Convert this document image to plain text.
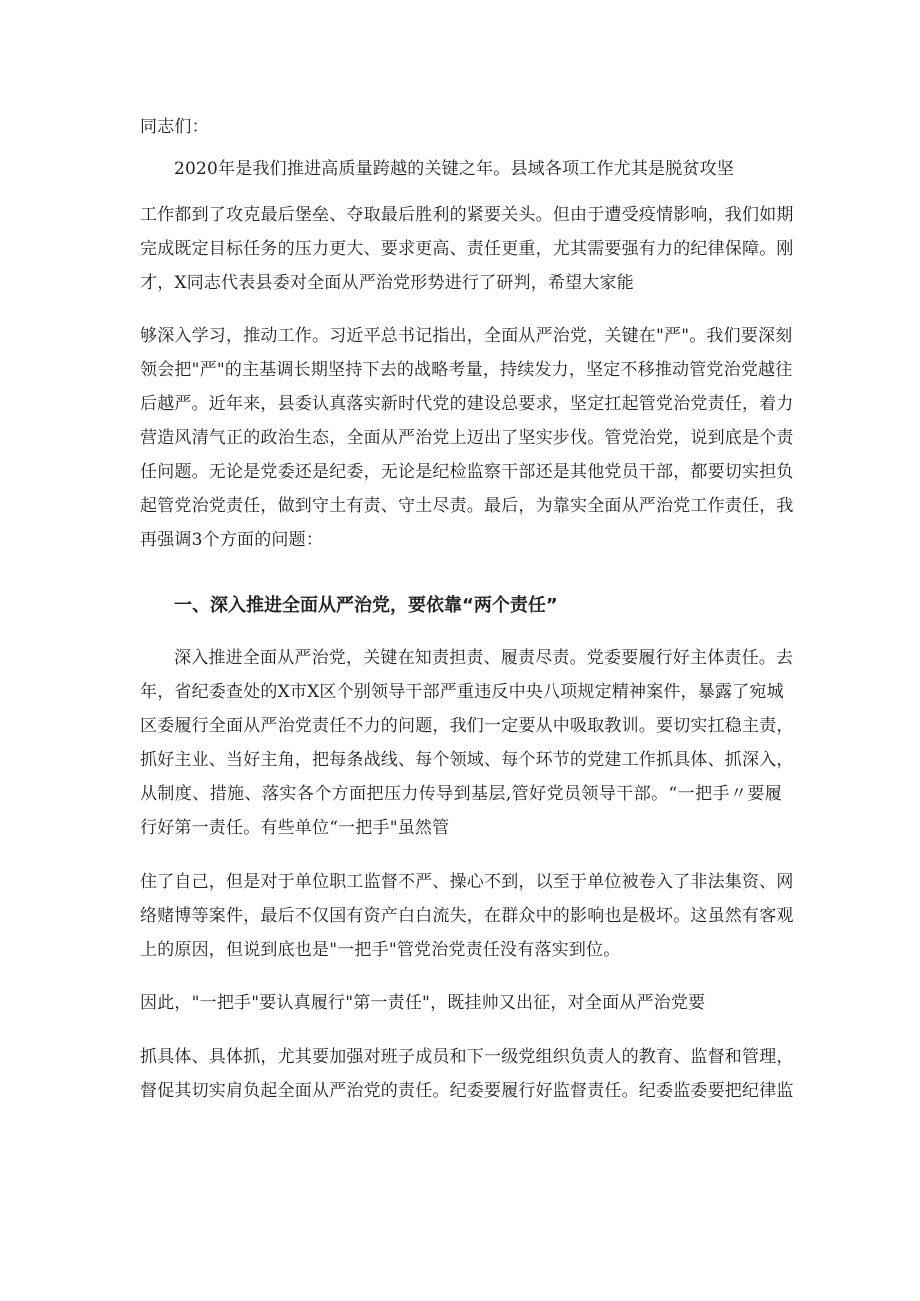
同志们：
2020年是我们推进高质量跨越的关键之年。县域各项工作尤其是脱贫攻坚
工作都到了攻克最后堡垒、夺取最后胜利的紧要关头。但由于遭受疫情影响，我们如期
完成既定目标任务的压力更大、要求更高、责任更重，尤其需要强有力的纪律保障。刚
才，X同志代表县委对全面从严治党形势进行了研判，希望大家能
够深入学习，推动工作。习近平总书记指出，全面从严治党，关键在"严"。我们要深刻
领会把"严"的主基调长期坚持下去的战略考量，持续发力，坚定不移推动管党治党越往
后越严。近年来，县委认真落实新时代党的建设总要求，坚定扛起管党治党责任，着力
营造风清气正的政治生态，全面从严治党上迈出了坚实步伐。管党治党，说到底是个责
任问题。无论是党委还是纪委，无论是纪检监察干部还是其他党员干部，都要切实担负
起管党治党责任，做到守土有责、守土尽责。最后，为靠实全面从严治党工作责任，我
再强调3个方面的问题：
一、深入推进全面从严治党，要依靠“两个责任”
深入推进全面从严治党，关键在知责担责、履责尽责。党委要履行好主体责任。去
年，省纪委查处的X市X区个别领导干部严重违反中央八项规定精神案件，暴露了宛城
区委履行全面从严治党责任不力的问题，我们一定要从中吸取教训。要切实扛稳主责，
抓好主业、当好主角，把每条战线、每个领域、每个环节的党建工作抓具体、抓深入，
从制度、措施、落实各个方面把压力传导到基层,管好党员领导干部。“一把手〃要履
行好第一责任。有些单位“一把手"虽然管
住了自己，但是对于单位职工监督不严、操心不到，以至于单位被卷入了非法集资、网
络赌博等案件，最后不仅国有资产白白流失，在群众中的影响也是极坏。这虽然有客观
上的原因，但说到底也是"一把手"管党治党责任没有落实到位。
因此，"一把手"要认真履行"第一责任"，既挂帅又出征，对全面从严治党要
抓具体、具体抓，尤其要加强对班子成员和下一级党组织负责人的教育、监督和管理，
督促其切实肩负起全面从严治党的责任。纪委要履行好监督责任。纪委监委要把纪律监
